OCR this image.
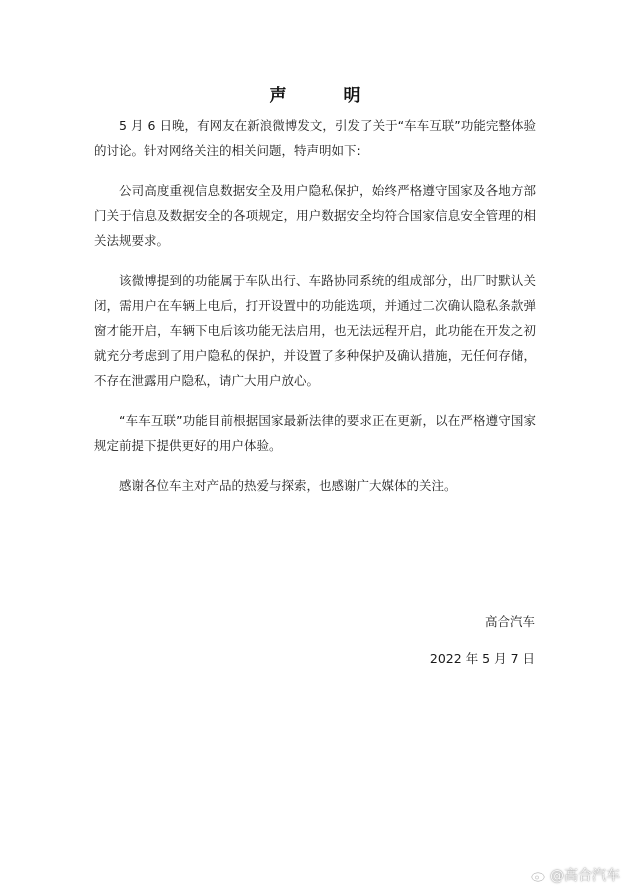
声　明

5 月 6 日晚，有网友在新浪微博发文，引发了关于“车车互联”功能完整体验的讨论。针对网络关注的相关问题，特声明如下:

公司高度重视信息数据安全及用户隐私保护，始终严格遵守国家及各地方部门关于信息及数据安全的各项规定，用户数据安全均符合国家信息安全管理的相关法规要求。

该微博提到的功能属于车队出行、车路协同系统的组成部分，出厂时默认关闭，需用户在车辆上电后，打开设置中的功能选项，并通过二次确认隐私条款弹窗才能开启，车辆下电后该功能无法启用，也无法远程开启，此功能在开发之初就充分考虑到了用户隐私的保护，并设置了多种保护及确认措施，无任何存储，不存在泄露用户隐私，请广大用户放心。

“车车互联”功能目前根据国家最新法律的要求正在更新，以在严格遵守国家规定前提下提供更好的用户体验。

感谢各位车主对产品的热爱与探索，也感谢广大媒体的关注。

高合汽车
2022 年 5 月 7 日
@高合汽车
